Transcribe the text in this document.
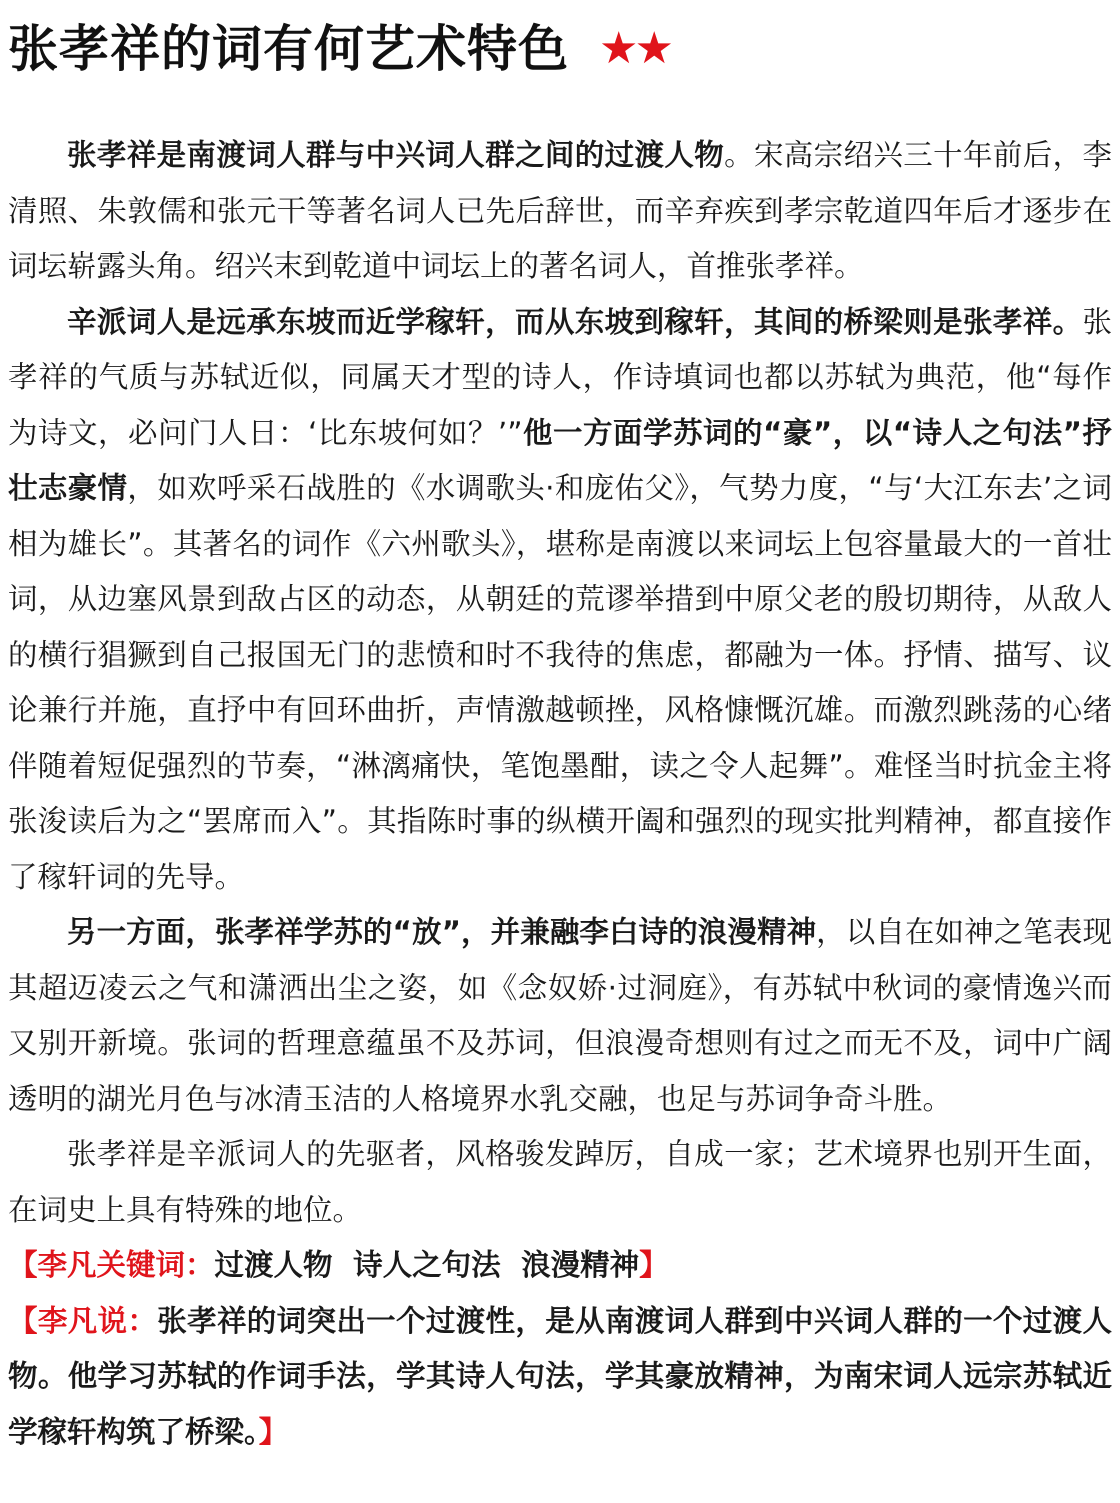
张孝祥的词有何艺术特色 ★★

张孝祥是南渡词人群与中兴词人群之间的过渡人物。宋高宗绍兴三十年前后，李清照、朱敦儒和张元干等著名词人已先后辞世，而辛弃疾到孝宗乾道四年后才逐步在词坛崭露头角。绍兴末到乾道中词坛上的著名词人，首推张孝祥。

辛派词人是远承东坡而近学稼轩，而从东坡到稼轩，其间的桥梁则是张孝祥。张孝祥的气质与苏轼近似，同属天才型的诗人，作诗填词也都以苏轼为典范，他“每作为诗文，必问门人日：‘比东坡何如？’”他一方面学苏词的“豪”，以“诗人之句法”抒壮志豪情，如欢呼采石战胜的《水调歌头·和庞佑父》，气势力度，“与‘大江东去’之词相为雄长”。其著名的词作《六州歌头》，堪称是南渡以来词坛上包容量最大的一首壮词，从边塞风景到敌占区的动态，从朝廷的荒谬举措到中原父老的殷切期待，从敌人的横行猖獗到自己报国无门的悲愤和时不我待的焦虑，都融为一体。抒情、描写、议论兼行并施，直抒中有回环曲折，声情激越顿挫，风格慷慨沉雄。而激烈跳荡的心绪伴随着短促强烈的节奏，“淋漓痛快，笔饱墨酣，读之令人起舞”。难怪当时抗金主将张浚读后为之“罢席而入”。其指陈时事的纵横开阖和强烈的现实批判精神，都直接作了稼轩词的先导。

另一方面，张孝祥学苏的“放”，并兼融李白诗的浪漫精神，以自在如神之笔表现其超迈凌云之气和潇洒出尘之姿，如《念奴娇·过洞庭》，有苏轼中秋词的豪情逸兴而又别开新境。张词的哲理意蕴虽不及苏词，但浪漫奇想则有过之而无不及，词中广阔透明的湖光月色与冰清玉洁的人格境界水乳交融，也足与苏词争奇斗胜。

张孝祥是辛派词人的先驱者，风格骏发踔厉，自成一家；艺术境界也别开生面，在词史上具有特殊的地位。

【李凡关键词：过渡人物  诗人之句法  浪漫精神】
【李凡说：张孝祥的词突出一个过渡性，是从南渡词人群到中兴词人群的一个过渡人物。他学习苏轼的作词手法，学其诗人句法，学其豪放精神，为南宋词人远宗苏轼近学稼轩构筑了桥梁。】
